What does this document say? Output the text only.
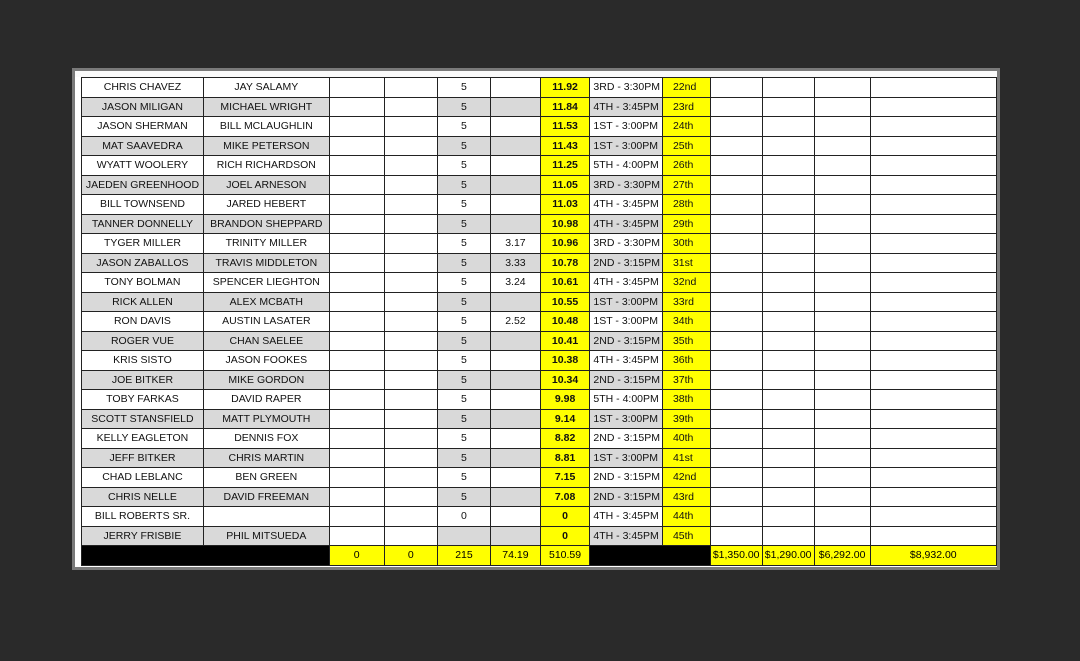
CHRIS CHAVEZ	JAY SALAMY			5		11.92	3RD - 3:30PM	22nd				
JASON MILIGAN	MICHAEL WRIGHT			5		11.84	4TH - 3:45PM	23rd				
JASON SHERMAN	BILL MCLAUGHLIN			5		11.53	1ST - 3:00PM	24th				
MAT SAAVEDRA	MIKE PETERSON			5		11.43	1ST - 3:00PM	25th				
WYATT WOOLERY	RICH RICHARDSON			5		11.25	5TH - 4:00PM	26th				
JAEDEN GREENHOOD	JOEL ARNESON			5		11.05	3RD - 3:30PM	27th				
BILL TOWNSEND	JARED HEBERT			5		11.03	4TH - 3:45PM	28th				
TANNER DONNELLY	BRANDON SHEPPARD			5		10.98	4TH - 3:45PM	29th				
TYGER MILLER	TRINITY MILLER			5	3.17	10.96	3RD - 3:30PM	30th				
JASON ZABALLOS	TRAVIS MIDDLETON			5	3.33	10.78	2ND - 3:15PM	31st				
TONY BOLMAN	SPENCER LIEGHTON			5	3.24	10.61	4TH - 3:45PM	32nd				
RICK ALLEN	ALEX MCBATH			5		10.55	1ST - 3:00PM	33rd				
RON DAVIS	AUSTIN LASATER			5	2.52	10.48	1ST - 3:00PM	34th				
ROGER VUE	CHAN SAELEE			5		10.41	2ND - 3:15PM	35th				
KRIS SISTO	JASON FOOKES			5		10.38	4TH - 3:45PM	36th				
JOE BITKER	MIKE GORDON			5		10.34	2ND - 3:15PM	37th				
TOBY FARKAS	DAVID RAPER			5		9.98	5TH - 4:00PM	38th				
SCOTT STANSFIELD	MATT PLYMOUTH			5		9.14	1ST - 3:00PM	39th				
KELLY EAGLETON	DENNIS FOX			5		8.82	2ND - 3:15PM	40th				
JEFF BITKER	CHRIS MARTIN			5		8.81	1ST - 3:00PM	41st				
CHAD LEBLANC	BEN GREEN			5		7.15	2ND - 3:15PM	42nd				
CHRIS NELLE	DAVID FREEMAN			5		7.08	2ND - 3:15PM	43rd				
BILL ROBERTS SR.				0		0	4TH - 3:45PM	44th				
JERRY FRISBIE	PHIL MITSUEDA					0	4TH - 3:45PM	45th				
		0	0	215	74.19	510.59			$1,350.00	$1,290.00	$6,292.00	$8,932.00
